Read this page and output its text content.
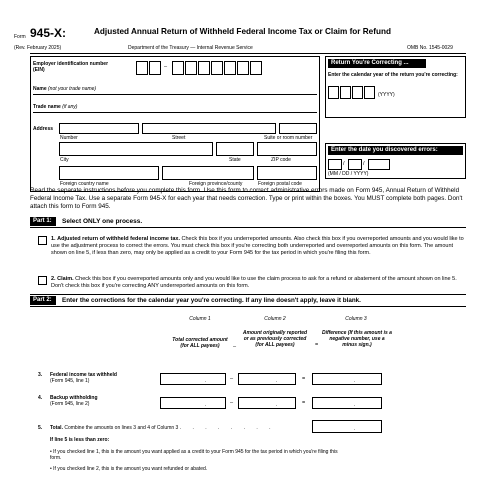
Form 945-X:	Adjusted Annual Return of Withheld Federal Income Tax or Claim for Refund
(Rev. February 2025)	Department of the Treasury — Internal Revenue Service	OMB No. 1545-0029
Employer identification number
(EIN)	–
Name (not your trade name)
Trade name (if any)
Address
Number	Street	Suite or room number
City	State	ZIP code
Foreign country name	Foreign province/county	Foreign postal code
Return You're Correcting ...
Enter the calendar year of the return you're correcting:
(YYYY)
Enter the date you discovered errors:
/	/
(MM / DD / YYYY)
Read the separate instructions before you complete this form. Use this form to correct administrative errors made on Form 945, Annual Return of Withheld Federal Income Tax. Use a separate Form 945-X for each year that needs correction. Type or print within the boxes. You MUST complete both pages. Don't attach this form to Form 945.
Part 1:	Select ONLY one process.
1. Adjusted return of withheld federal income tax. Check this box if you underreported amounts. Also check this box if you overreported amounts and you would like to use the adjustment process to correct the errors. You must check this box if you're correcting both underreported and overreported amounts on this form. The amount shown on line 5, if less than zero, may only be applied as a credit to your Form 945 for the tax period in which you're filing this form.
2. Claim. Check this box if you overreported amounts only and you would like to use the claim process to ask for a refund or abatement of the amount shown on line 5. Don't check this box if you're correcting ANY underreported amounts on this form.
Part 2:	Enter the corrections for the calendar year you're correcting. If any line doesn't apply, leave it blank.
Column 1	Column 2	Column 3
Total corrected amount (for ALL payees)	–
Amount originally reported or as previously corrected (for ALL payees)	=
Difference (If this amount is a negative number, use a minus sign.)
3. Federal income tax withheld
(Form 945, line 1)	.	–	.	=	.
4. Backup withholding
(Form 945, line 2)	.	–	.	=	.
5. Total. Combine the amounts on lines 3 and 4 of Column 3 . . . . . . . .	.
If line 5 is less than zero:
• If you checked line 1, this is the amount you want applied as a credit to your Form 945 for the tax period in which you're filing this form.
• If you checked line 2, this is the amount you want refunded or abated.
